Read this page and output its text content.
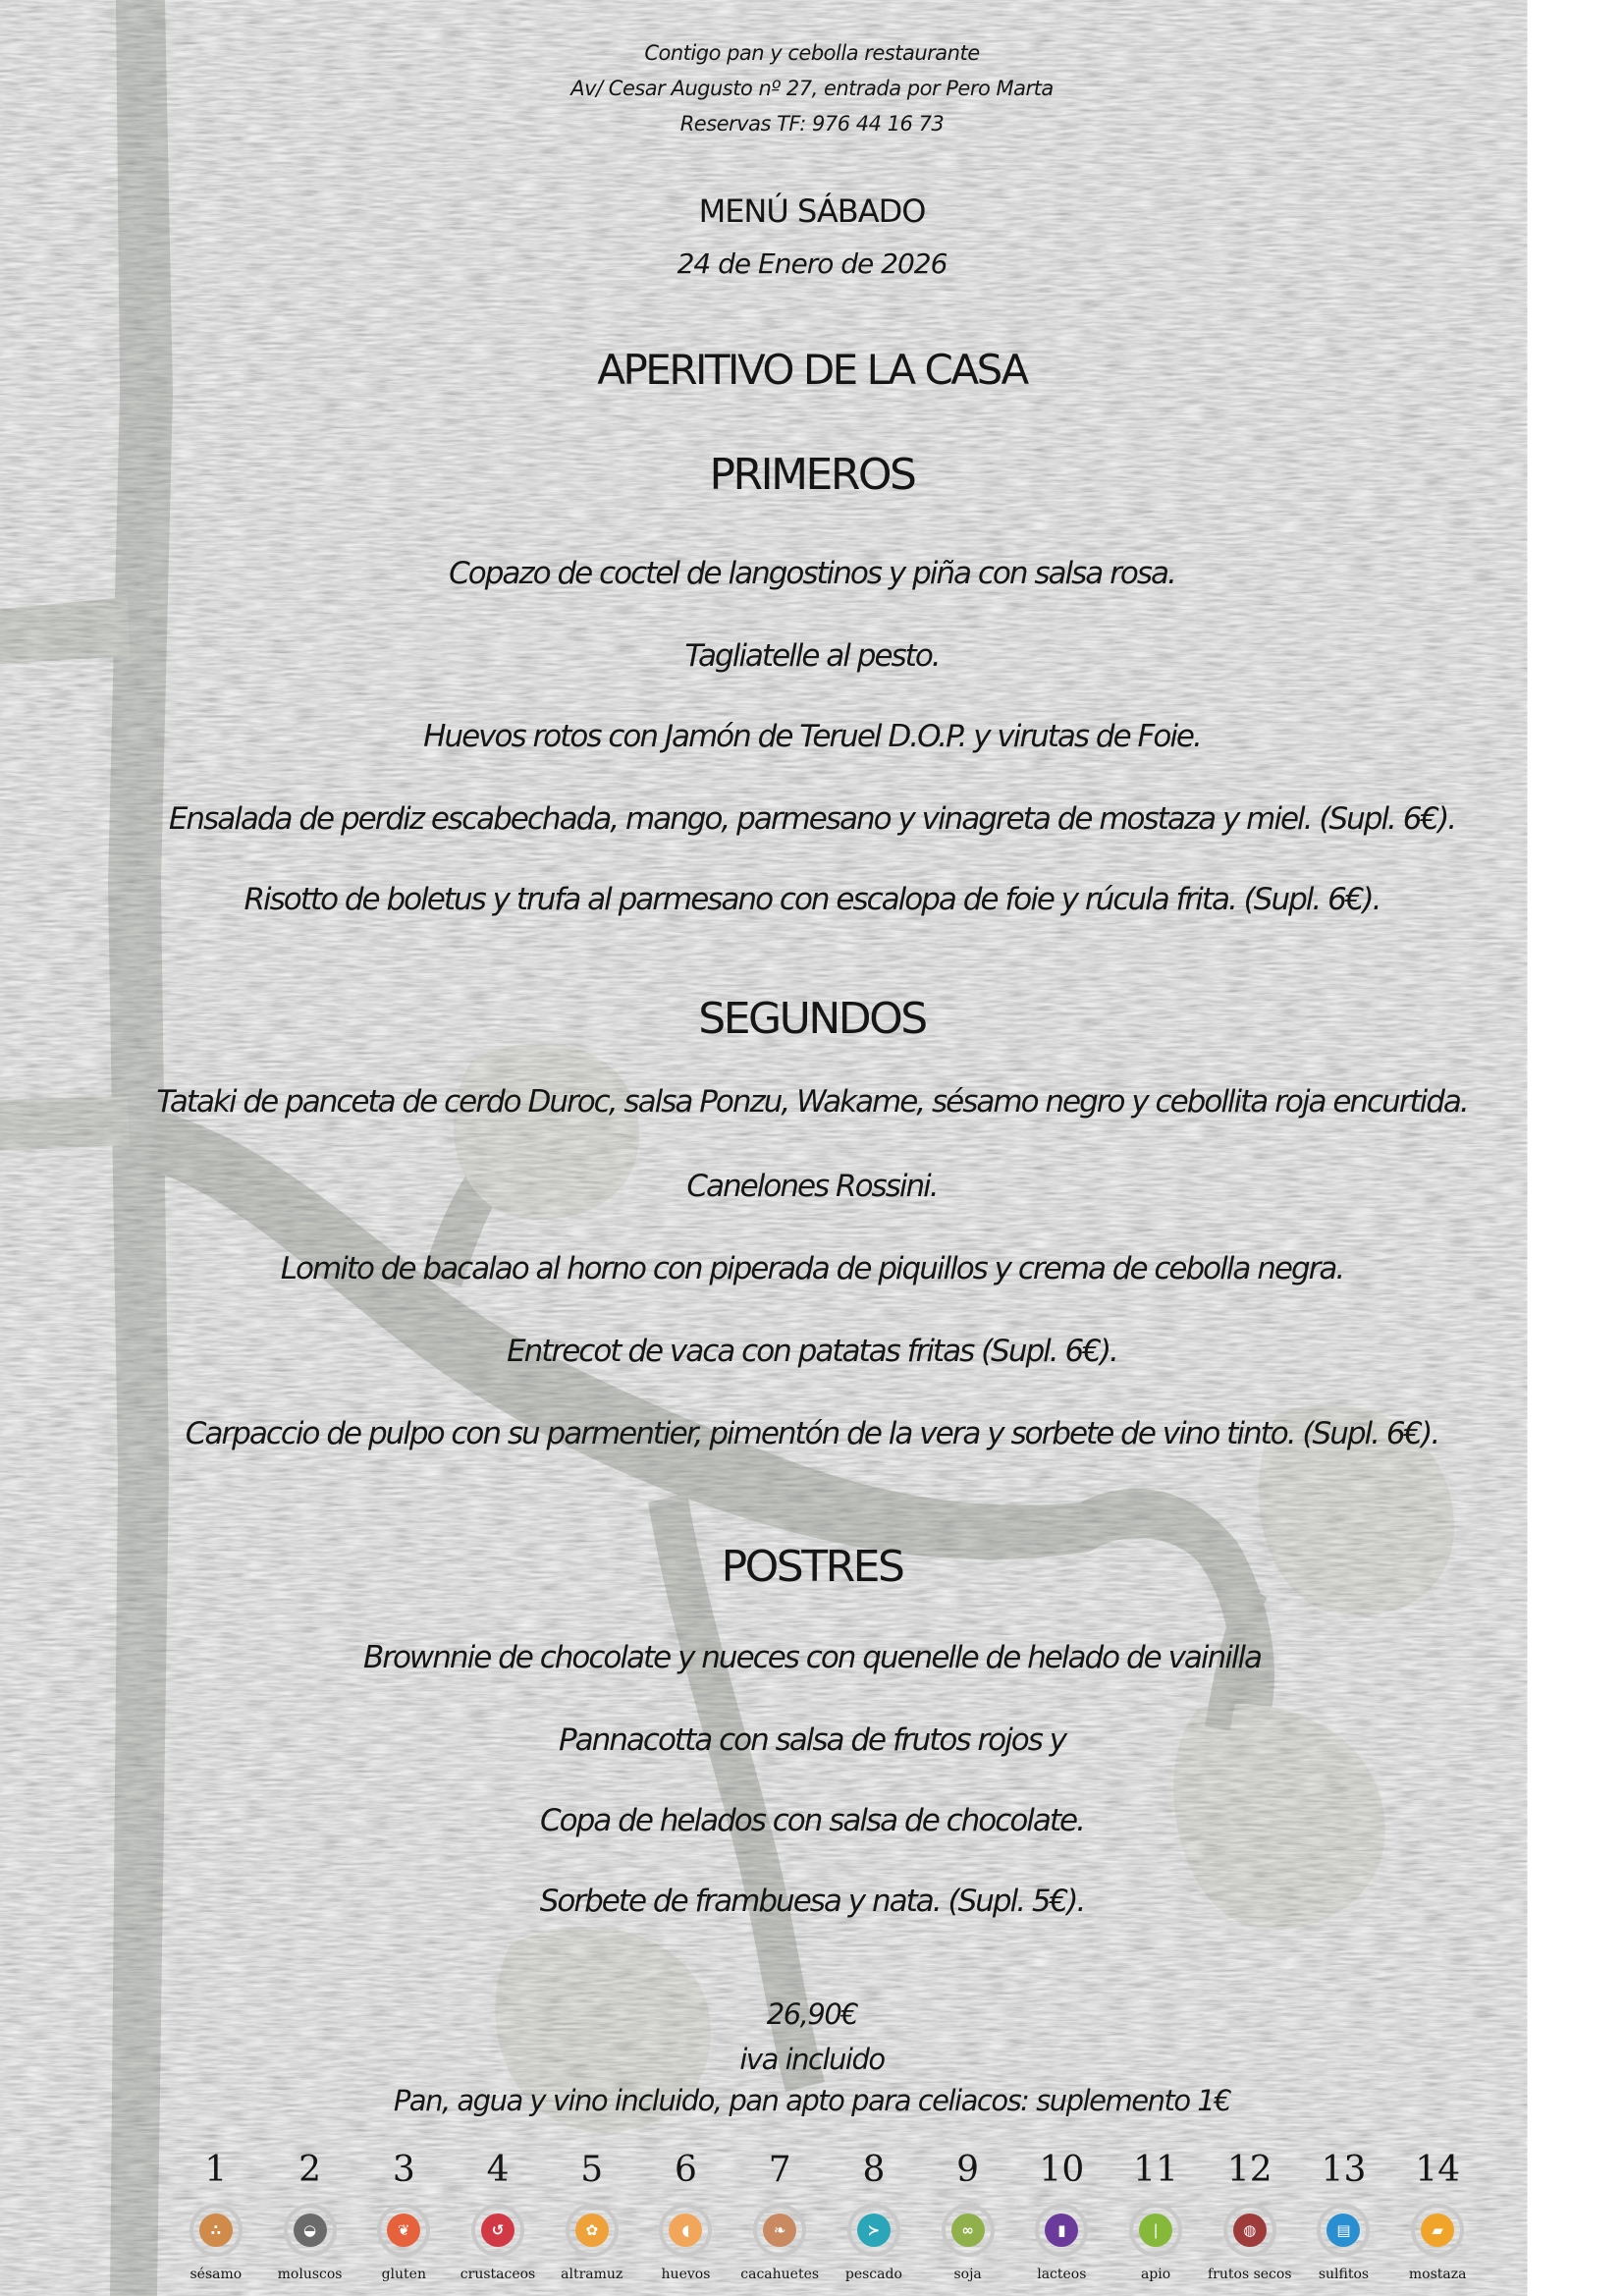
Contigo pan y cebolla restaurante
Av/ Cesar Augusto nº 27, entrada por Pero Marta
Reservas TF: 976 44 16 73
MENÚ SÁBADO
24 de Enero de 2026
APERITIVO DE LA CASA
PRIMEROS
Copazo de coctel de langostinos y piña con salsa rosa.
Tagliatelle al pesto.
Huevos rotos con Jamón de Teruel D.O.P. y virutas de Foie.
Ensalada de perdiz escabechada, mango, parmesano y vinagreta de mostaza y miel. (Supl. 6€).
Risotto de boletus y trufa al parmesano con escalopa de foie y rúcula frita. (Supl. 6€).
SEGUNDOS
Tataki de panceta de cerdo Duroc, salsa Ponzu, Wakame, sésamo negro y cebollita roja encurtida.
Canelones Rossini.
Lomito de bacalao al horno con piperada de piquillos y crema de cebolla negra.
Entrecot de vaca con patatas fritas (Supl. 6€).
Carpaccio de pulpo con su parmentier, pimentón de la vera y sorbete de vino tinto. (Supl. 6€).
POSTRES
Brownnie de chocolate y nueces con quenelle de helado de vainilla
Pannacotta con salsa de frutos rojos y
Copa de helados con salsa de chocolate.
Sorbete de frambuesa y nata. (Supl. 5€).
26,90€
iva incluido
Pan, agua y vino incluido, pan apto para celiacos: suplemento 1€
1
∴
sésamo
2
◒
moluscos
3
❦
gluten
4
↺
crustaceos
5
✿
altramuz
6
◖
huevos
7
❧
cacahuetes
8
≻
pescado
9
∞
soja
10
▮
lacteos
11
❘
apio
12
◍
frutos secos
13
▤
sulfitos
14
▰
mostaza
